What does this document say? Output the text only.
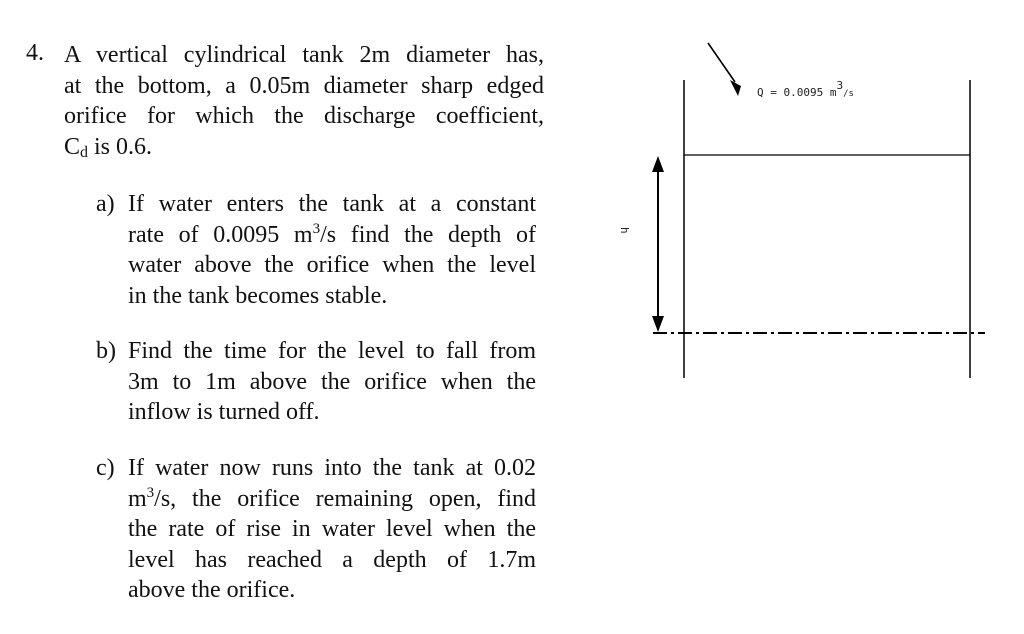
4. A vertical cylindrical tank 2m diameter has,
at the bottom, a 0.05m diameter sharp edged
orifice for which the discharge coefficient,
$C_d$ is 0.6.
a) If water enters the tank at a constant
rate of 0.0095 $m^3/s$ find the depth of
water above the orifice when the level
in the tank becomes stable.
b) Find the time for the level to fall from
3m to 1m above the orifice when the
inflow is turned off.
c) If water now runs into the tank at 0.02
$m^3/s$, the orifice remaining open, find
the rate of rise in water level when the
level has reached a depth of 1.7m
above the orifice.
h
Q = 0.0095 $m3_{/s}$
